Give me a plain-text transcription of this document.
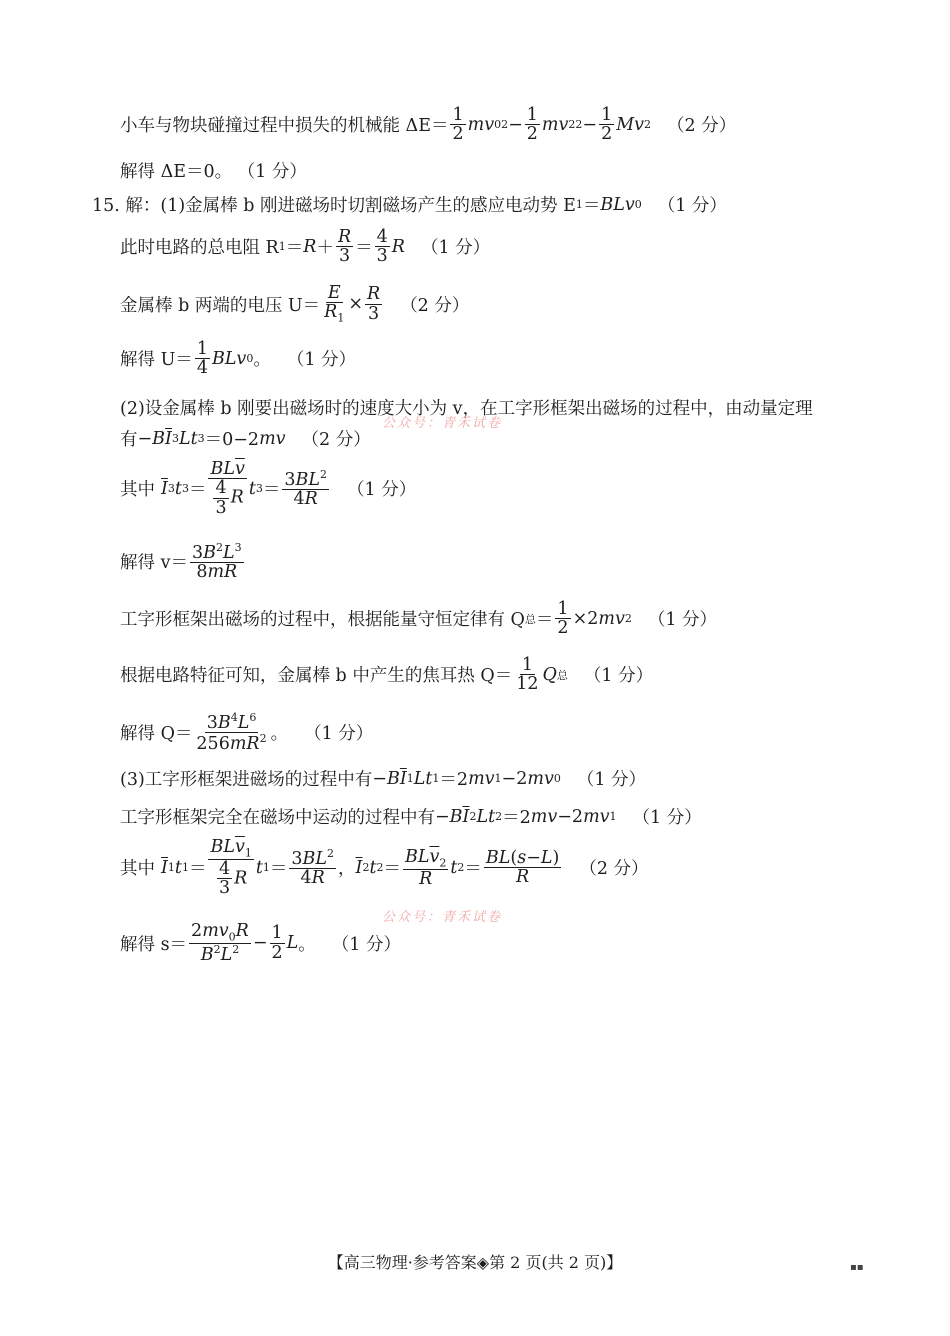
小车与物块碰撞过程中损失的机械能 $\Delta E= \frac{1}{2}$ mv 0 $2 - \frac{1}{2}$ mv 2 $2 - \frac{1}{2}$ Mv 2 （2 分）
解得 ΔE＝0。 （1 分）
15. 解：(1)金属棒 b 刚进磁场时切割磁场产生的感应电动势 E 1 ＝ BLv 0 （1 分）
此时电路的总电阻 R $1 = R + \frac{R}{3} = \frac{4}{3}$ R （1 分）
金属棒 b 两端的电压 $U= \frac{E}{R_1} \times \frac{R}{3} (2$ 分）
解得 $U= \frac{1}{4}$ BLv 0 。 （1 分）
(2)设金属棒 b 刚要出磁场时的速度大小为 v，在工字形框架出磁场的过程中，由动量定理
有 − B $\overline{I}$ 3 Lt 3 ＝0−2 mv （2 分）
其中 $\overline{I}$ 3 t $3 = \frac{BL\overline{v}}{\frac{4}{3} R}$ t $3 = \frac{3BL^2}{4R} (1$ 分）
解得 $v= \frac{3B^2L^3}{8mR}$
工字形框架出磁场的过程中，根据能量守恒定律有 Q 总 ＝ $\frac{1}{2} \times 2$ mv 2 （1 分）
根据电路特征可知，金属棒 b 中产生的焦耳热 $Q= \frac{1}{12}$ Q 总 （1 分）
解得 $Q= \frac{3B^4L^6}{256mR^2}$ 。 （1 分）
(3)工字形框架进磁场的过程中有 − B $\overline{I}$ 1 Lt 1 ＝2 mv 1 −2 mv 0 （1 分）
工字形框架完全在磁场中运动的过程中有 − B $\overline{I}$ 2 Lt 2 ＝2 mv −2 mv 1 （1 分）
其中 $\overline{I}$ 1 t $1 = \frac{BL\overline{v}_1}{\frac{4}{3} R}$ t $1 = \frac{3BL^2}{4R}$ ， $\overline{I}$ 2 t $2 = \frac{BL\overline{v}_2}{R}$ t $2 = \frac{BL(s-L)}{R} (2$ 分）
解得 $s= \frac{2mv_0R}{B^2L^2} - \frac{1}{2}$ L 。 （1 分）
公众号：青禾试卷
公众号：青禾试卷
【高三物理·参考答案◈第 2 页(共 2 页)】	▪▪
